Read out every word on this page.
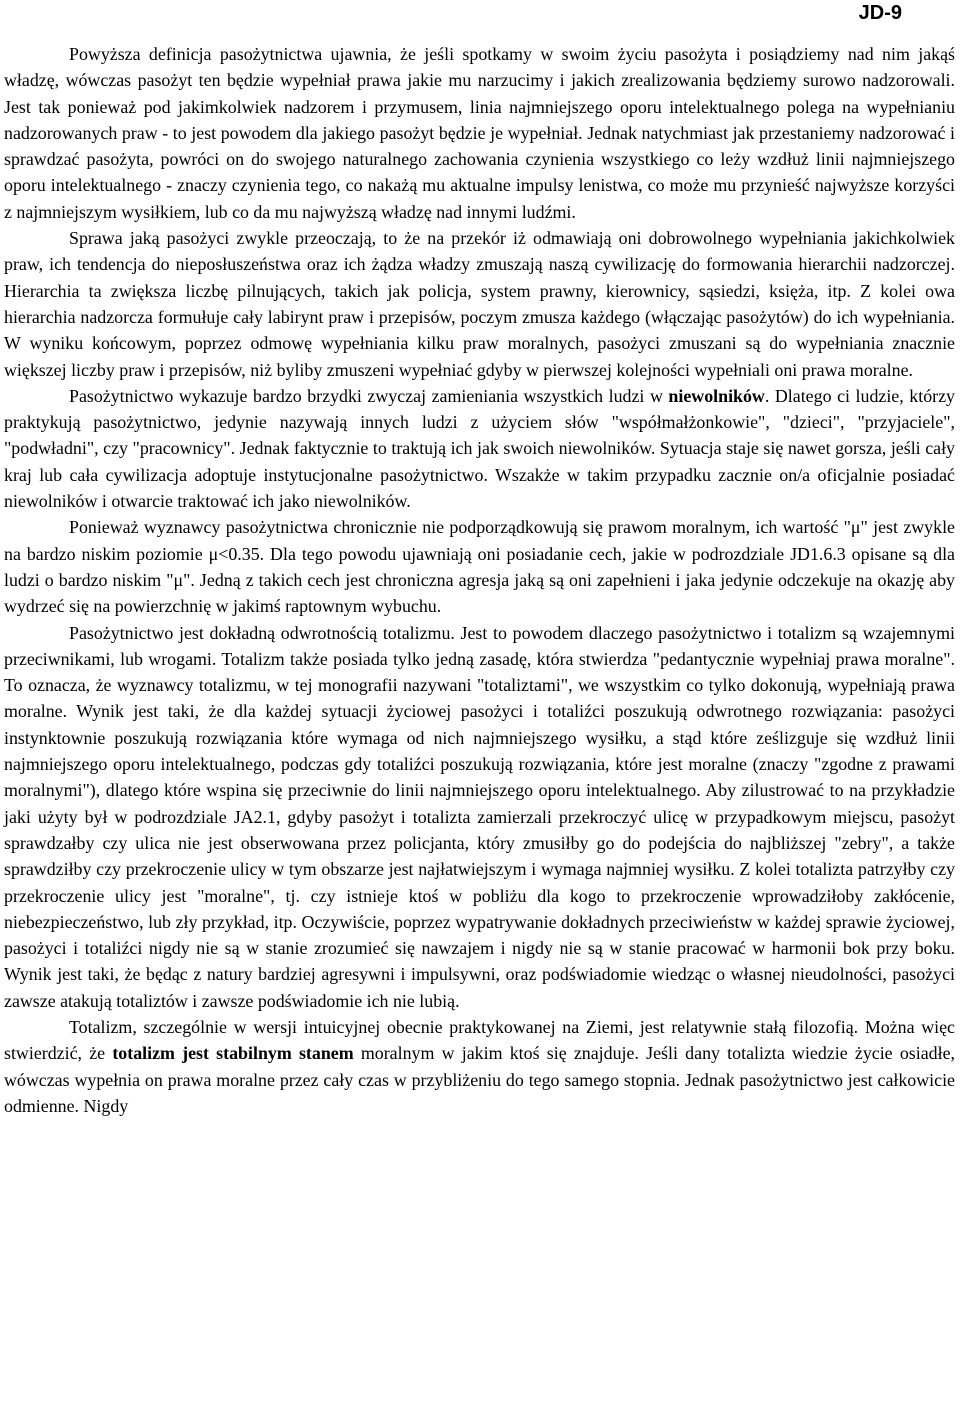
JD-9

Powyższa definicja pasożytnictwa ujawnia, że jeśli spotkamy w swoim życiu pasożyta i posiądziemy nad nim jakąś władzę, wówczas pasożyt ten będzie wypełniał prawa jakie mu narzucimy i jakich zrealizowania będziemy surowo nadzorowali. Jest tak ponieważ pod jakimkolwiek nadzorem i przymusem, linia najmniejszego oporu intelektualnego polega na wypełnianiu nadzorowanych praw - to jest powodem dla jakiego pasożyt będzie je wypełniał. Jednak natychmiast jak przestaniemy nadzorować i sprawdzać pasożyta, powróci on do swojego naturalnego zachowania czynienia wszystkiego co leży wzdłuż linii najmniejszego oporu intelektualnego - znaczy czynienia tego, co nakażą mu aktualne impulsy lenistwa, co może mu przynieść najwyższe korzyści z najmniejszym wysiłkiem, lub co da mu najwyższą władzę nad innymi ludźmi.

Sprawa jaką pasożyci zwykle przeoczają, to że na przekór iż odmawiają oni dobrowolnego wypełniania jakichkolwiek praw, ich tendencja do nieposłuszeństwa oraz ich żądza władzy zmuszają naszą cywilizację do formowania hierarchii nadzorczej. Hierarchia ta zwiększa liczbę pilnujących, takich jak policja, system prawny, kierownicy, sąsiedzi, księża, itp. Z kolei owa hierarchia nadzorcza formułuje cały labirynt praw i przepisów, poczym zmusza każdego (włączając pasożytów) do ich wypełniania. W wyniku końcowym, poprzez odmowę wypełniania kilku praw moralnych, pasożyci zmuszani są do wypełniania znacznie większej liczby praw i przepisów, niż byliby zmuszeni wypełniać gdyby w pierwszej kolejności wypełniali oni prawa moralne.

Pasożytnictwo wykazuje bardzo brzydki zwyczaj zamieniania wszystkich ludzi w niewolników. Dlatego ci ludzie, którzy praktykują pasożytnictwo, jedynie nazywają innych ludzi z użyciem słów "współmałżonkowie", "dzieci", "przyjaciele", "podwładni", czy "pracownicy". Jednak faktycznie to traktują ich jak swoich niewolników. Sytuacja staje się nawet gorsza, jeśli cały kraj lub cała cywilizacja adoptuje instytucjonalne pasożytnictwo. Wszakże w takim przypadku zacznie on/a oficjalnie posiadać niewolników i otwarcie traktować ich jako niewolników.

Ponieważ wyznawcy pasożytnictwa chronicznie nie podporządkowują się prawom moralnym, ich wartość "μ" jest zwykle na bardzo niskim poziomie μ<0.35. Dla tego powodu ujawniają oni posiadanie cech, jakie w podrozdziale JD1.6.3 opisane są dla ludzi o bardzo niskim "μ". Jedną z takich cech jest chroniczna agresja jaką są oni zapełnieni i jaka jedynie odczekuje na okazję aby wydrzeć się na powierzchnię w jakimś raptownym wybuchu.

Pasożytnictwo jest dokładną odwrotnością totalizmu. Jest to powodem dlaczego pasożytnictwo i totalizm są wzajemnymi przeciwnikami, lub wrogami. Totalizm także posiada tylko jedną zasadę, która stwierdza "pedantycznie wypełniaj prawa moralne". To oznacza, że wyznawcy totalizmu, w tej monografii nazywani "totaliztami", we wszystkim co tylko dokonują, wypełniają prawa moralne. Wynik jest taki, że dla każdej sytuacji życiowej pasożyci i totaliźci poszukują odwrotnego rozwiązania: pasożyci instynktownie poszukują rozwiązania które wymaga od nich najmniejszego wysiłku, a stąd które ześlizguje się wzdłuż linii najmniejszego oporu intelektualnego, podczas gdy totaliźci poszukują rozwiązania, które jest moralne (znaczy "zgodne z prawami moralnymi"), dlatego które wspina się przeciwnie do linii najmniejszego oporu intelektualnego. Aby zilustrować to na przykładzie jaki użyty był w podrozdziale JA2.1, gdyby pasożyt i totalizta zamierzali przekroczyć ulicę w przypadkowym miejscu, pasożyt sprawdzałby czy ulica nie jest obserwowana przez policjanta, który zmusiłby go do podejścia do najbliższej "zebry", a także sprawdziłby czy przekroczenie ulicy w tym obszarze jest najłatwiejszym i wymaga najmniej wysiłku. Z kolei totalizta patrzyłby czy przekroczenie ulicy jest "moralne", tj. czy istnieje ktoś w pobliżu dla kogo to przekroczenie wprowadziłoby zakłócenie, niebezpieczeństwo, lub zły przykład, itp. Oczywiście, poprzez wypatrywanie dokładnych przeciwieństw w każdej sprawie życiowej, pasożyci i totaliźci nigdy nie są w stanie zrozumieć się nawzajem i nigdy nie są w stanie pracować w harmonii bok przy boku. Wynik jest taki, że będąc z natury bardziej agresywni i impulsywni, oraz podświadomie wiedząc o własnej nieudolności, pasożyci zawsze atakują totaliztów i zawsze podświadomie ich nie lubią.

Totalizm, szczególnie w wersji intuicyjnej obecnie praktykowanej na Ziemi, jest relatywnie stałą filozofią. Można więc stwierdzić, że totalizm jest stabilnym stanem moralnym w jakim ktoś się znajduje. Jeśli dany totalizta wiedzie życie osiadłe, wówczas wypełnia on prawa moralne przez cały czas w przybliżeniu do tego samego stopnia. Jednak pasożytnictwo jest całkowicie odmienne. Nigdy
